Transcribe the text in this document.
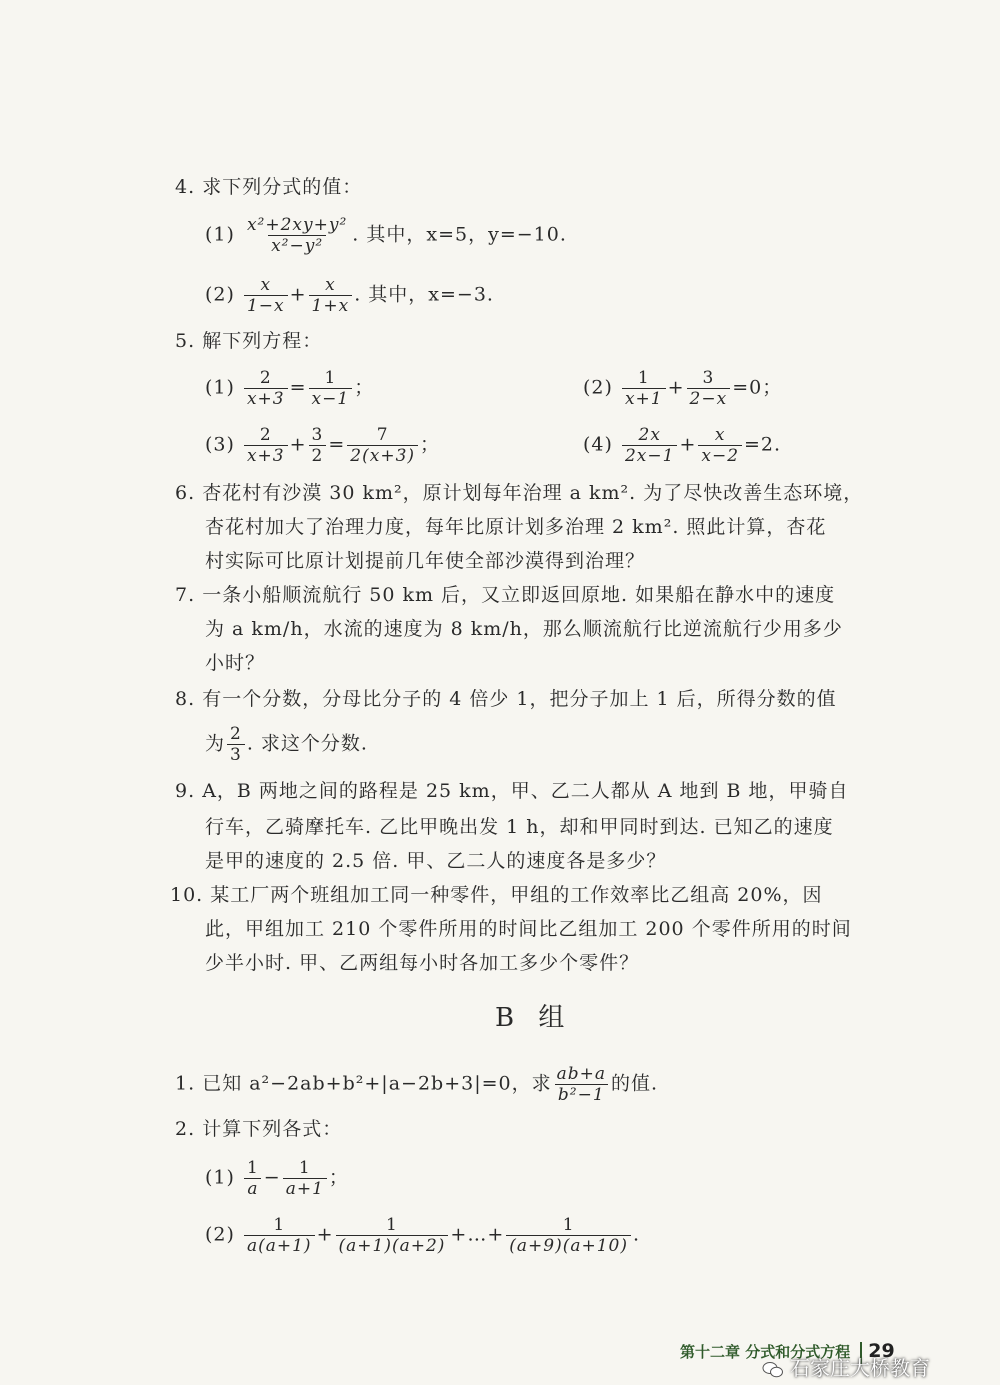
4. 求下列分式的值：
$(1) \frac{\text{x²+2xy+y²}}{\text{x²−y²}}$ . 其中，x=5，y=−10.
$(2) \frac{x}{1-x} + \frac{x}{1+x}$ . 其中，x=−3.
5. 解下列方程：
$(1) \frac{2}{x+3} = \frac{1}{x-1}$ ；	$(2) \frac{1}{x+1} + \frac{3}{2-x} =0$；
$(3) \frac{2}{x+3} + \frac{3}{2} = \frac{7}{2(x+3)}$ ；	$(4) \frac{2x}{2x-1} + \frac{x}{x-2} =2$.
6. 杏花村有沙漠 30 km²，原计划每年治理 a km². 为了尽快改善生态环境，
杏花村加大了治理力度，每年比原计划多治理 2 km². 照此计算，杏花
村实际可比原计划提前几年使全部沙漠得到治理？
7. 一条小船顺流航行 50 km 后，又立即返回原地. 如果船在静水中的速度
为 a km/h，水流的速度为 8 km/h，那么顺流航行比逆流航行少用多少
小时？
8. 有一个分数，分母比分子的 4 倍少 1，把分子加上 1 后，所得分数的值
为 $\frac{2}{3}$ . 求这个分数.
9. A，B 两地之间的路程是 25 km，甲、乙二人都从 A 地到 B 地，甲骑自
行车，乙骑摩托车. 乙比甲晚出发 1 h，却和甲同时到达. 已知乙的速度
是甲的速度的 2.5 倍. 甲、乙二人的速度各是多少？
10. 某工厂两个班组加工同一种零件，甲组的工作效率比乙组高 20%，因
此，甲组加工 210 个零件所用的时间比乙组加工 200 个零件所用的时间
少半小时. 甲、乙两组每小时各加工多少个零件？
B 组
1. 已知 a²−2ab+b²+|a−2b+3|=0，求 $\frac{ab+a}{\text{b²−1}}$ 的值.
2. 计算下列各式：
$(1) \frac{1}{a} - \frac{1}{a+1}$ ；
$(2) \frac{1}{a(a+1)} + \frac{1}{(a+1)(a+2)}$ +…+ $\frac{1}{(a+9)(a+10)}$ .
第十二章 分式和分式方程 29
石家庄大桥教育
